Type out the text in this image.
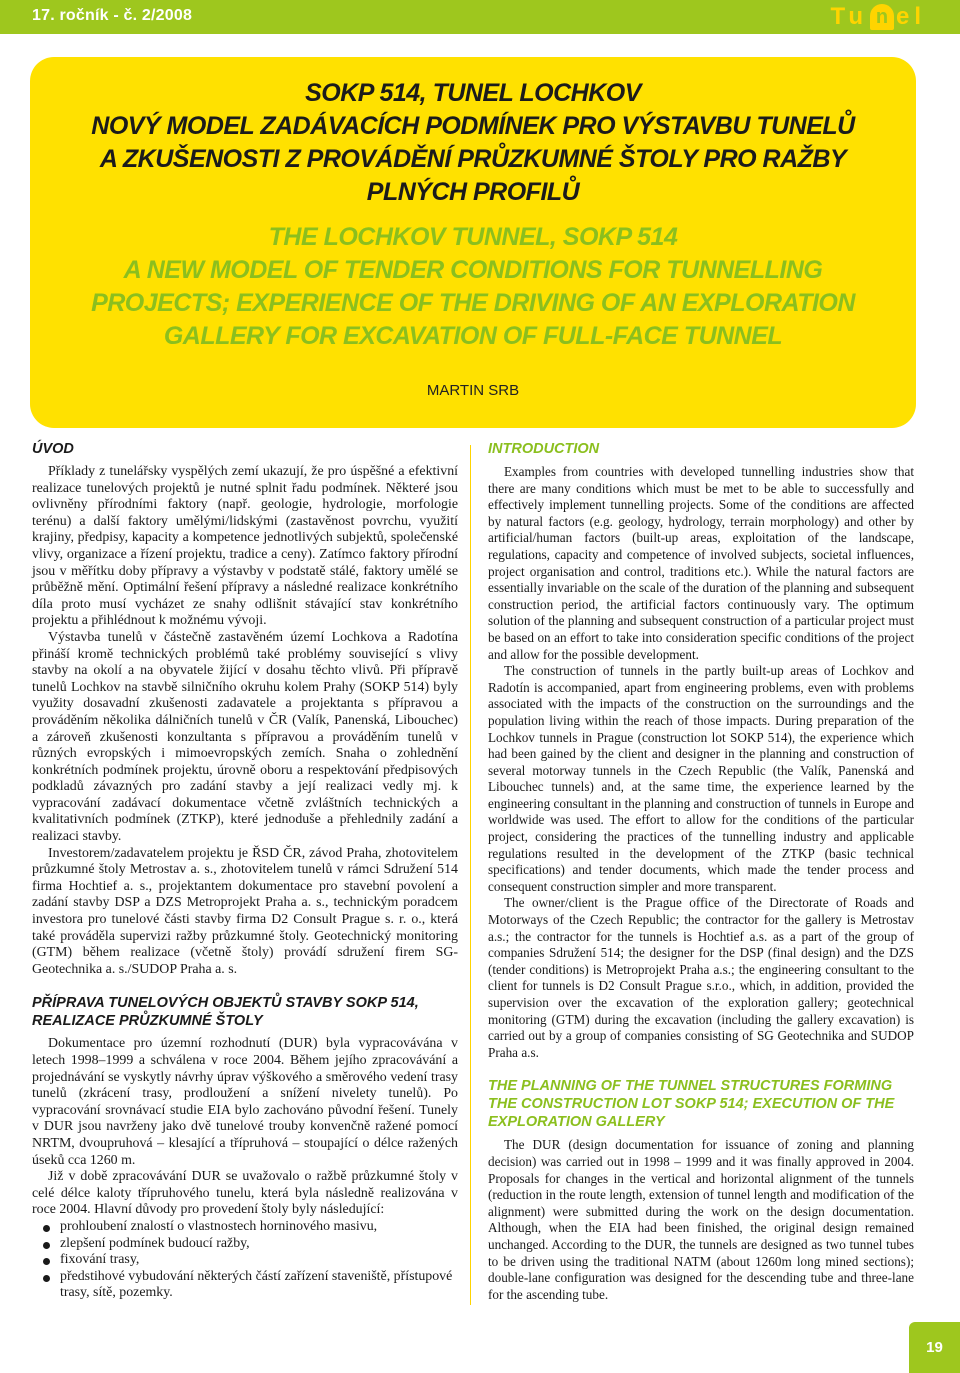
17. ročník - č. 2/2008	Tu n el
SOKP 514, TUNEL LOCHKOV
NOVÝ MODEL ZADÁVACÍCH PODMÍNEK PRO VÝSTAVBU TUNELŮ
A ZKUŠENOSTI Z PROVÁDĚNÍ PRŮZKUMNÉ ŠTOLY PRO RAŽBY
PLNÝCH PROFILŮ
THE LOCHKOV TUNNEL, SOKP 514
A NEW MODEL OF TENDER CONDITIONS FOR TUNNELLING
PROJECTS; EXPERIENCE OF THE DRIVING OF AN EXPLORATION
GALLERY FOR EXCAVATION OF FULL-FACE TUNNEL
MARTIN SRB
ÚVOD

Příklady z tunelářsky vyspělých zemí ukazují, že pro úspěšné a efektivní realizace tunelových projektů je nutné splnit řadu podmínek. Některé jsou ovlivněny přírodními faktory (např. geologie, hydrologie, morfologie terénu) a další faktory umělými/lidskými (zastavěnost povrchu, využití krajiny, předpisy, kapacity a kompetence jednotlivých subjektů, společenské vlivy, organizace a řízení projektu, tradice a ceny). Zatímco faktory přírodní jsou v měřítku doby přípravy a výstavby v podstatě stálé, faktory umělé se průběžně mění. Optimální řešení přípravy a následné realizace konkrétního díla proto musí vycházet ze snahy odlišnit stávající stav konkrétního projektu a přihlédnout k možnému vývoji.

Výstavba tunelů v částečně zastavěném území Lochkova a Radotína přináší kromě technických problémů také problémy související s vlivy stavby na okolí a na obyvatele žijící v dosahu těchto vlivů. Při přípravě tunelů Lochkov na stavbě silničního okruhu kolem Prahy (SOKP 514) byly využity dosavadní zkušenosti zadavatele a projektanta s přípravou a prováděním několika dálničních tunelů v ČR (Valík, Panenská, Libouchec) a zároveň zkušenosti konzultanta s přípravou a prováděním tunelů v různých evropských i mimoevropských zemích. Snaha o zohlednění konkrétních podmínek projektu, úrovně oboru a respektování předpisových podkladů závazných pro zadání stavby a její realizaci vedly mj. k vypracování zadávací dokumentace včetně zvláštních technických a kvalitativních podmínek (ZTKP), které jednoduše a přehlednily zadání a realizaci stavby.

Investorem/zadavatelem projektu je ŘSD ČR, závod Praha, zhotovitelem průzkumné štoly Metrostav a. s., zhotovitelem tunelů v rámci Sdružení 514 firma Hochtief a. s., projektantem dokumentace pro stavební povolení a zadání stavby DSP a DZS Metroprojekt Praha a. s., technickým poradcem investora pro tunelové části stavby firma D2 Consult Prague s. r. o., která také prováděla supervizi ražby průzkumné štoly. Geotechnický monitoring (GTM) během realizace (včetně štoly) provádí sdružení firem SG-Geotechnika a. s./SUDOP Praha a. s.

PŘÍPRAVA TUNELOVÝCH OBJEKTŮ STAVBY SOKP 514, REALIZACE PRŮZKUMNÉ ŠTOLY

Dokumentace pro územní rozhodnutí (DUR) byla vypracovávána v letech 1998–1999 a schválena v roce 2004. Během jejího zpracovávání a projednávání se vyskytly návrhy úprav výškového a směrového vedení trasy tunelů (zkrácení trasy, prodloužení a snížení nivelety tunelů). Po vypracování srovnávací studie EIA bylo zachováno původní řešení. Tunely v DUR jsou navrženy jako dvě tunelové trouby konvenčně ražené pomocí NRTM, dvoupruhová – klesající a třípruhová – stoupající o délce ražených úseků cca 1260 m.

Již v době zpracovávání DUR se uvažovalo o ražbě průzkumné štoly v celé délce kaloty třípruhového tunelu, která byla následně realizována v roce 2004. Hlavní důvody pro provedení štoly byly následující:

prohloubení znalostí o vlastnostech horninového masivu,
zlepšení podmínek budoucí ražby,
fixování trasy,
předstihové vybudování některých částí zařízení staveniště, přístupové trasy, sítě, pozemky.
INTRODUCTION

Examples from countries with developed tunnelling industries show that there are many conditions which must be met to be able to successfully and effectively implement tunnelling projects. Some of the conditions are affected by natural factors (e.g. geology, hydrology, terrain morphology) and other by artificial/human factors (built-up areas, exploitation of the landscape, regulations, capacity and competence of involved subjects, societal influences, project organisation and control, traditions etc.). While the natural factors are essentially invariable on the scale of the duration of the planning and subsequent construction period, the artificial factors continuously vary. The optimum solution of the planning and subsequent construction of a particular project must be based on an effort to take into consideration specific conditions of the project and allow for the possible development.

The construction of tunnels in the partly built-up areas of Lochkov and Radotín is accompanied, apart from engineering problems, even with problems associated with the impacts of the construction on the surroundings and the population living within the reach of those impacts. During preparation of the Lochkov tunnels in Prague (construction lot SOKP 514), the experience which had been gained by the client and designer in the planning and construction of several motorway tunnels in the Czech Republic (the Valík, Panenská and Libouchec tunnels) and, at the same time, the experience learned by the engineering consultant in the planning and construction of tunnels in Europe and worldwide was used. The effort to allow for the conditions of the particular project, considering the practices of the tunnelling industry and applicable regulations resulted in the development of the ZTKP (basic technical specifications) and tender documents, which made the tender process and consequent construction simpler and more transparent.

The owner/client is the Prague office of the Directorate of Roads and Motorways of the Czech Republic; the contractor for the gallery is Metrostav a.s.; the contractor for the tunnels is Hochtief a.s. as a part of the group of companies Sdružení 514; the designer for the DSP (final design) and the DZS (tender conditions) is Metroprojekt Praha a.s.; the engineering consultant to the client for tunnels is D2 Consult Prague s.r.o., which, in addition, provided the supervision over the excavation of the exploration gallery; geotechnical monitoring (GTM) during the excavation (including the gallery excavation) is carried out by a group of companies consisting of SG Geotechnika and SUDOP Praha a.s.

THE PLANNING OF THE TUNNEL STRUCTURES FORMING THE CONSTRUCTION LOT SOKP 514; EXECUTION OF THE EXPLORATION GALLERY

The DUR (design documentation for issuance of zoning and planning decision) was carried out in 1998 – 1999 and it was finally approved in 2004. Proposals for changes in the vertical and horizontal alignment of the tunnels (reduction in the route length, extension of tunnel length and modification of the alignment) were submitted during the work on the design documentation. Although, when the EIA had been finished, the original design remained unchanged. According to the DUR, the tunnels are designed as two tunnel tubes to be driven using the traditional NATM (about 1260m long mined sections); double-lane configuration was designed for the descending tube and three-lane for the ascending tube.

19
